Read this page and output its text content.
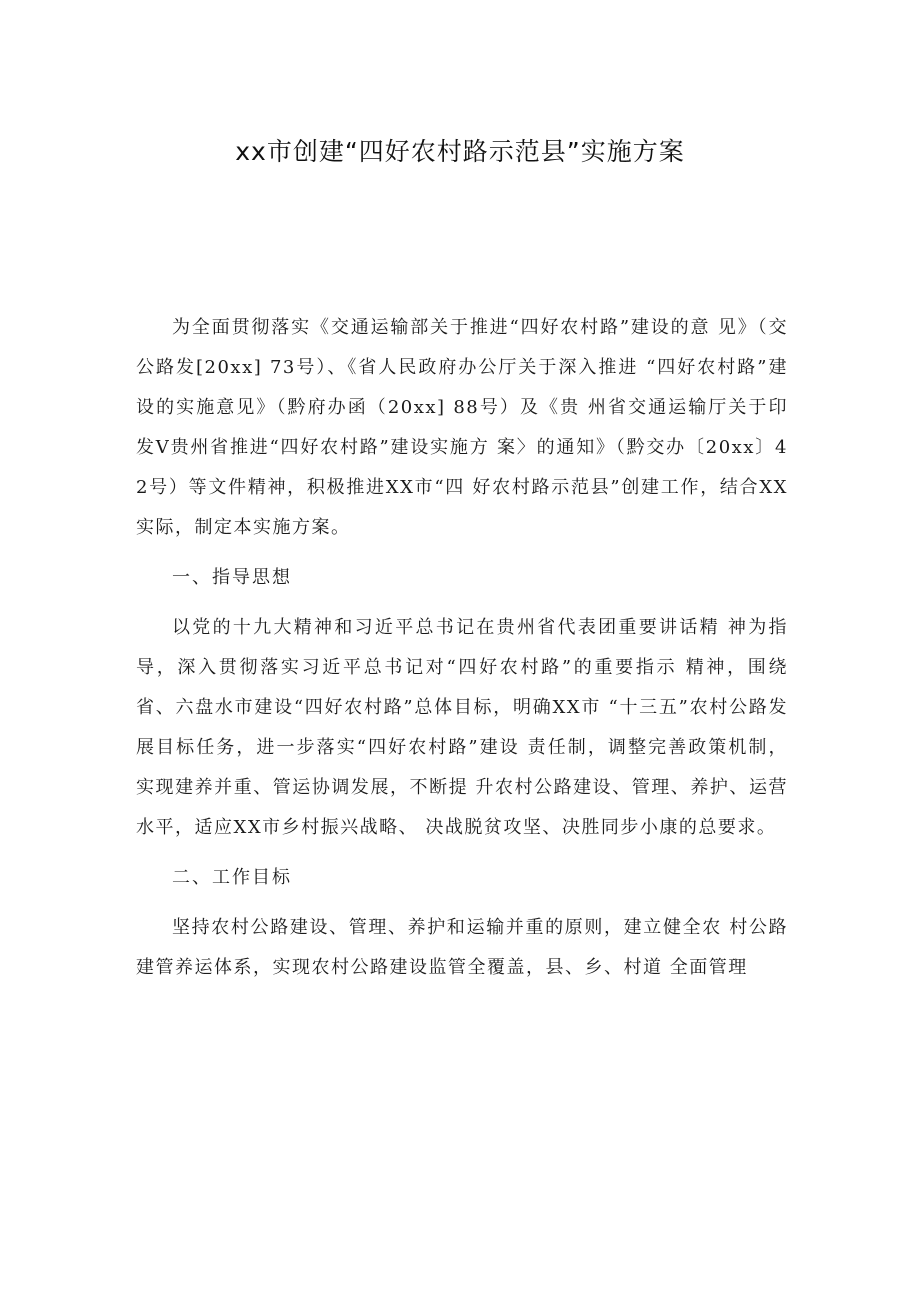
xx市创建“四好农村路示范县”实施方案

为全面贯彻落实《交通运输部关于推进“四好农村路”建设的意 见》（交公路发[20xx] 73号）、《省人民政府办公厅关于深入推进 “四好农村路”建设的实施意见》（黔府办函（20xx] 88号）及《贵 州省交通运输厅关于印发V贵州省推进“四好农村路”建设实施方 案〉的通知》（黔交办〔20xx〕42号）等文件精神，积极推进XX市“四 好农村路示范县”创建工作，结合XX实际，制定本实施方案。

一、指导思想

以党的十九大精神和习近平总书记在贵州省代表团重要讲话精 神为指导，深入贯彻落实习近平总书记对“四好农村路”的重要指示 精神，围绕省、六盘水市建设“四好农村路”总体目标，明确XX市 “十三五”农村公路发展目标任务，进一步落实“四好农村路”建设 责任制，调整完善政策机制，实现建养并重、管运协调发展，不断提 升农村公路建设、管理、养护、运营水平，适应XX市乡村振兴战略、 决战脱贫攻坚、决胜同步小康的总要求。

二、工作目标

坚持农村公路建设、管理、养护和运输并重的原则，建立健全农 村公路建管养运体系，实现农村公路建设监管全覆盖，县、乡、村道 全面管理
